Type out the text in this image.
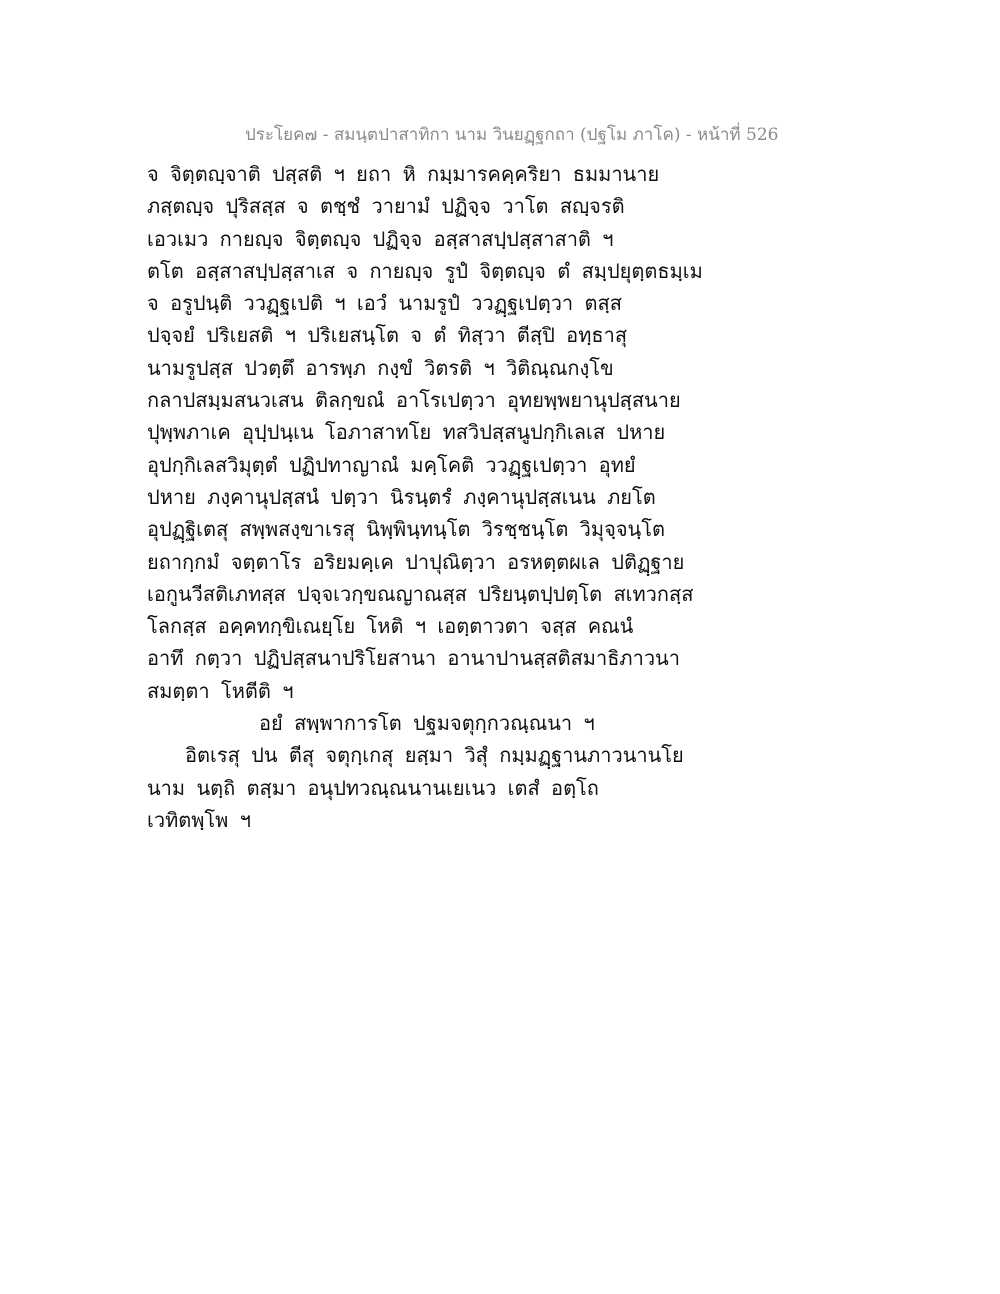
ประโยค๗ - สมนฺตปาสาทิกา นาม วินยฏฺฐกถา (ปฐโม ภาโค) - หน้าที่ 526
จ จิตฺตญฺจาติ ปสฺสติ ฯ ยถา หิ กมฺมารคคฺคริยา ธมมานาย
ภสฺตญฺจ ปุริสสฺส จ ตชฺชํ วายามํ ปฏิจฺจ วาโต สญฺจรติ
เอวเมว กายญฺจ จิตฺตญฺจ ปฏิจฺจ อสฺสาสปฺปสฺสาสาติ ฯ
ตโต อสฺสาสปฺปสฺสาเส จ กายญฺจ รูปํ จิตฺตญฺจ ตํ สมฺปยุตฺตธมฺเม
จ อรูปนฺติ ววฏฺฐเปติ ฯ เอวํ นามรูปํ ววฏฺฐเปตฺวา ตสฺส
ปจฺจยํ ปริเยสติ ฯ ปริเยสนฺโต จ ตํ ทิสฺวา ตีสฺปิ อทฺธาสุ
นามรูปสฺส ปวตฺตึ อารพฺภ กงฺขํ วิตรติ ฯ วิติณฺณกงฺโข
กลาปสมฺมสนวเสน ติลกฺขณํ อาโรเปตฺวา อุทยพฺพยานุปสฺสนาย
ปุพฺพภาเค อุปฺปนฺเน โอภาสาทโย ทสวิปสฺสนูปกฺกิเลเส ปหาย
อุปกฺกิเลสวิมุตฺตํ ปฏิปทาญาณํ มคฺโคติ ววฏฺฐเปตฺวา อุทยํ
ปหาย ภงฺคานุปสฺสนํ ปตฺวา นิรนฺตรํ ภงฺคานุปสฺสเนน ภยโต
อุปฏฺฐิเตสุ สพฺพสงฺขาเรสุ นิพฺพินฺทนฺโต วิรชฺชนฺโต วิมุจฺจนฺโต
ยถากฺกมํ จตฺตาโร อริยมคฺเค ปาปุณิตฺวา อรหตฺตผเล ปติฏฺฐาย
เอกูนวีสติเภทสฺส ปจฺจเวกฺขณญาณสฺส ปริยนฺตปฺปตฺโต สเทวกสฺส
โลกสฺส อคฺคทกฺขิเณยฺโย โหติ ฯ เอตฺตาวตา จสฺส คณนํ
อาทึ กตฺวา ปฏิปสฺสนาปริโยสานา อานาปานสฺสติสมาธิภาวนา
สมตฺตา โหตีติ ฯ
อยํ สพฺพาการโต ปฐมจตุกฺกวณฺณนา ฯ
อิตเรสุ ปน ตีสุ จตุกฺเกสุ ยสฺมา วิสุํ กมฺมฏฺฐานภาวนานโย
นาม นตฺถิ ตสฺมา อนุปทวณฺณนานเยเนว เตสํ อตฺโถ
เวทิตพฺโพ ฯ
